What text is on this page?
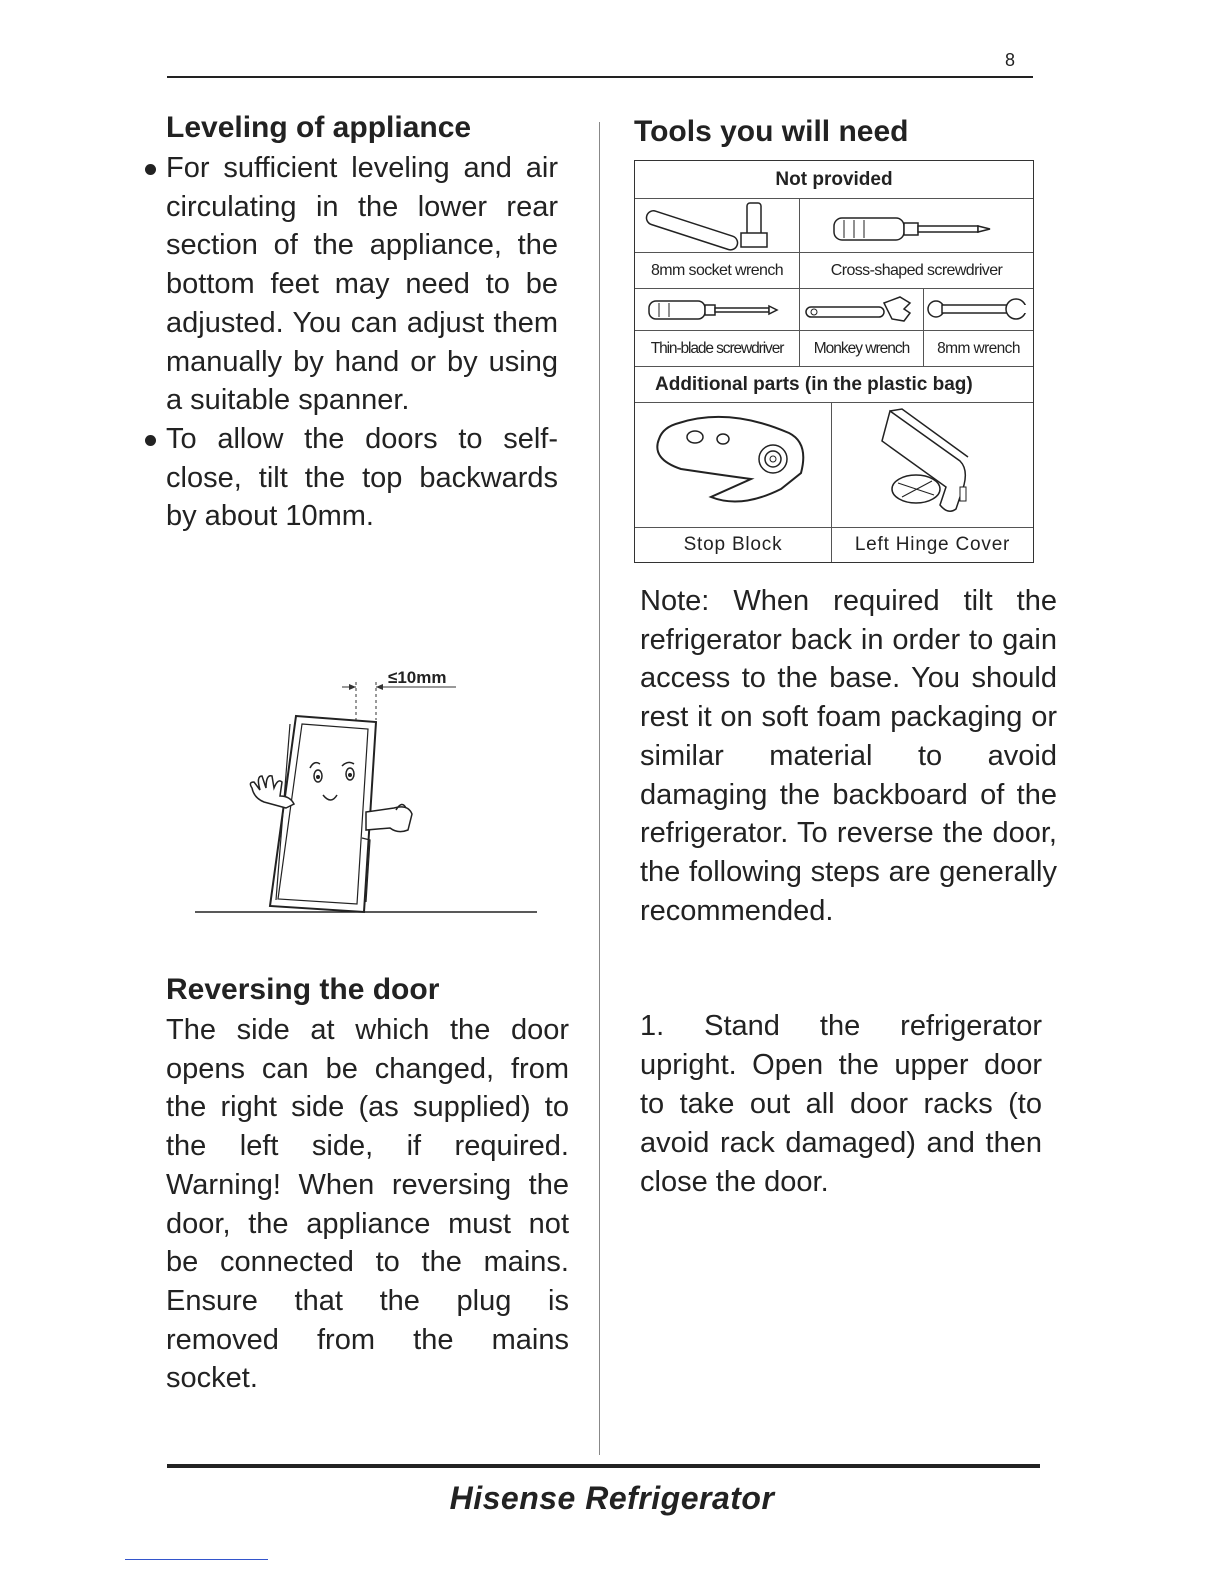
8
Leveling of appliance
For sufficient leveling and air circulating in the lower rear section of the appliance, the bottom feet may need to be adjusted. You can adjust them manually by hand or by using a suitable spanner.
To allow the doors to self-close, tilt the top backwards by about 10mm.
≤10mm
Reversing the door
The side at which the door opens can be changed, from the right side (as supplied) to the left side, if required. Warning! When reversing the door, the appliance must not be connected to the mains. Ensure that the plug is removed from the mains socket.
Tools you will need
Not provided
8mm socket wrench	Cross-shaped screwdriver
Thin-blade screwdriver	Monkey wrench	8mm wrench
Additional parts (in the plastic bag)
Stop Block	Left Hinge Cover
Note: When required tilt the refrigerator back in order to gain access to the base. You should rest it on soft foam packaging or similar material to avoid damaging the backboard of the refrigerator. To reverse the door, the following steps are generally recommended.
1. Stand the refrigerator upright. Open the upper door to take out all door racks (to avoid rack damaged) and then close the door.
Hisense Refrigerator
